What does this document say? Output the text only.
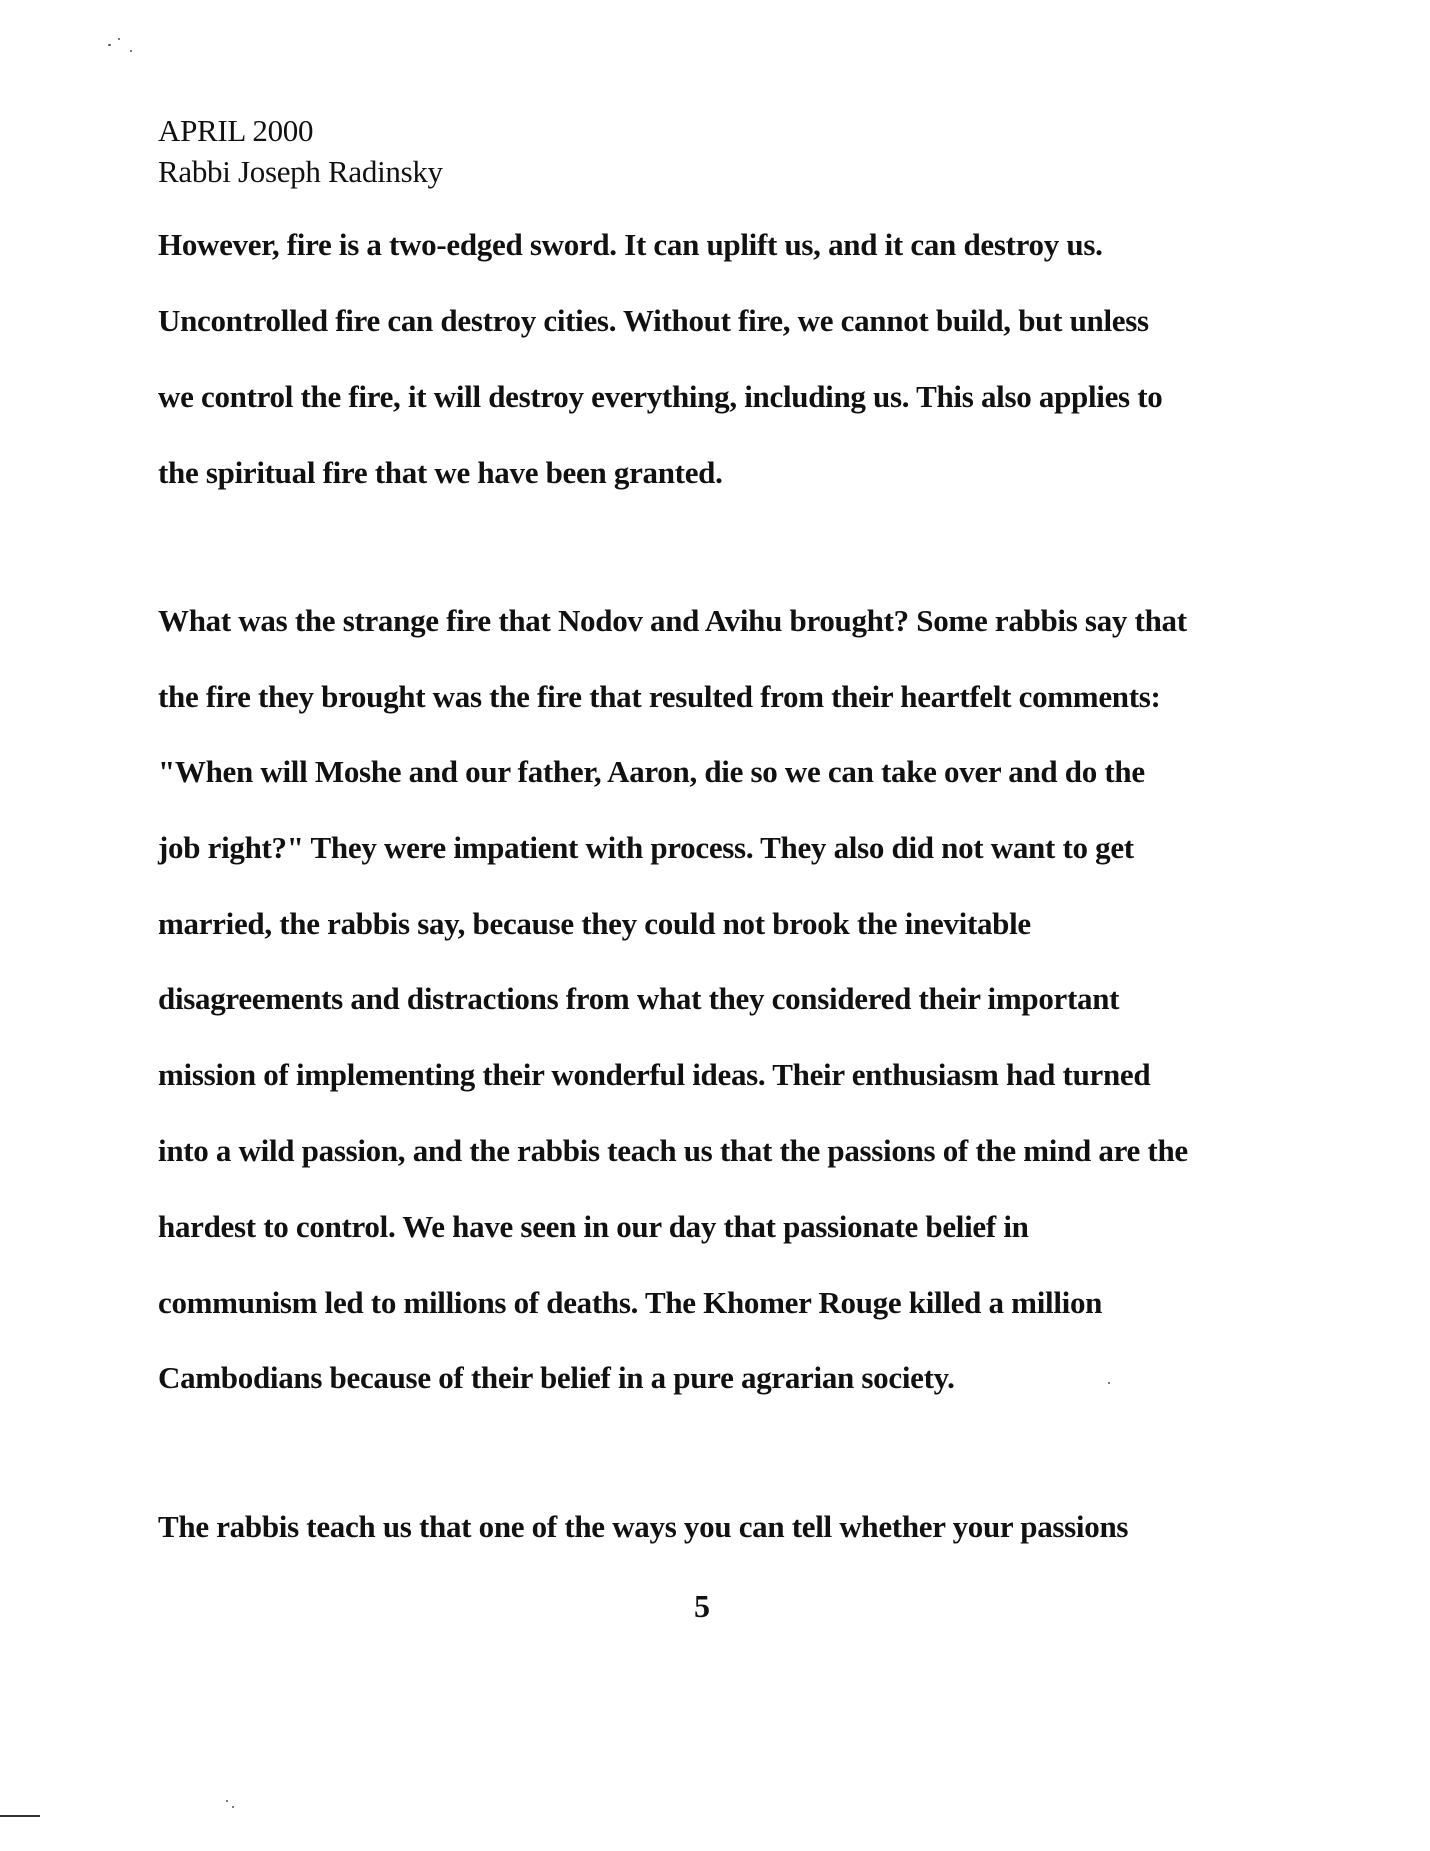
APRIL 2000
Rabbi Joseph Radinsky
However, fire is a two-edged sword. It can uplift us, and it can destroy us.
Uncontrolled fire can destroy cities. Without fire, we cannot build, but unless
we control the fire, it will destroy everything, including us. This also applies to
the spiritual fire that we have been granted.
What was the strange fire that Nodov and Avihu brought? Some rabbis say that
the fire they brought was the fire that resulted from their heartfelt comments:
"When will Moshe and our father, Aaron, die so we can take over and do the
job right?" They were impatient with process. They also did not want to get
married, the rabbis say, because they could not brook the inevitable
disagreements and distractions from what they considered their important
mission of implementing their wonderful ideas. Their enthusiasm had turned
into a wild passion, and the rabbis teach us that the passions of the mind are the
hardest to control. We have seen in our day that passionate belief in
communism led to millions of deaths. The Khomer Rouge killed a million
Cambodians because of their belief in a pure agrarian society.
The rabbis teach us that one of the ways you can tell whether your passions
5
